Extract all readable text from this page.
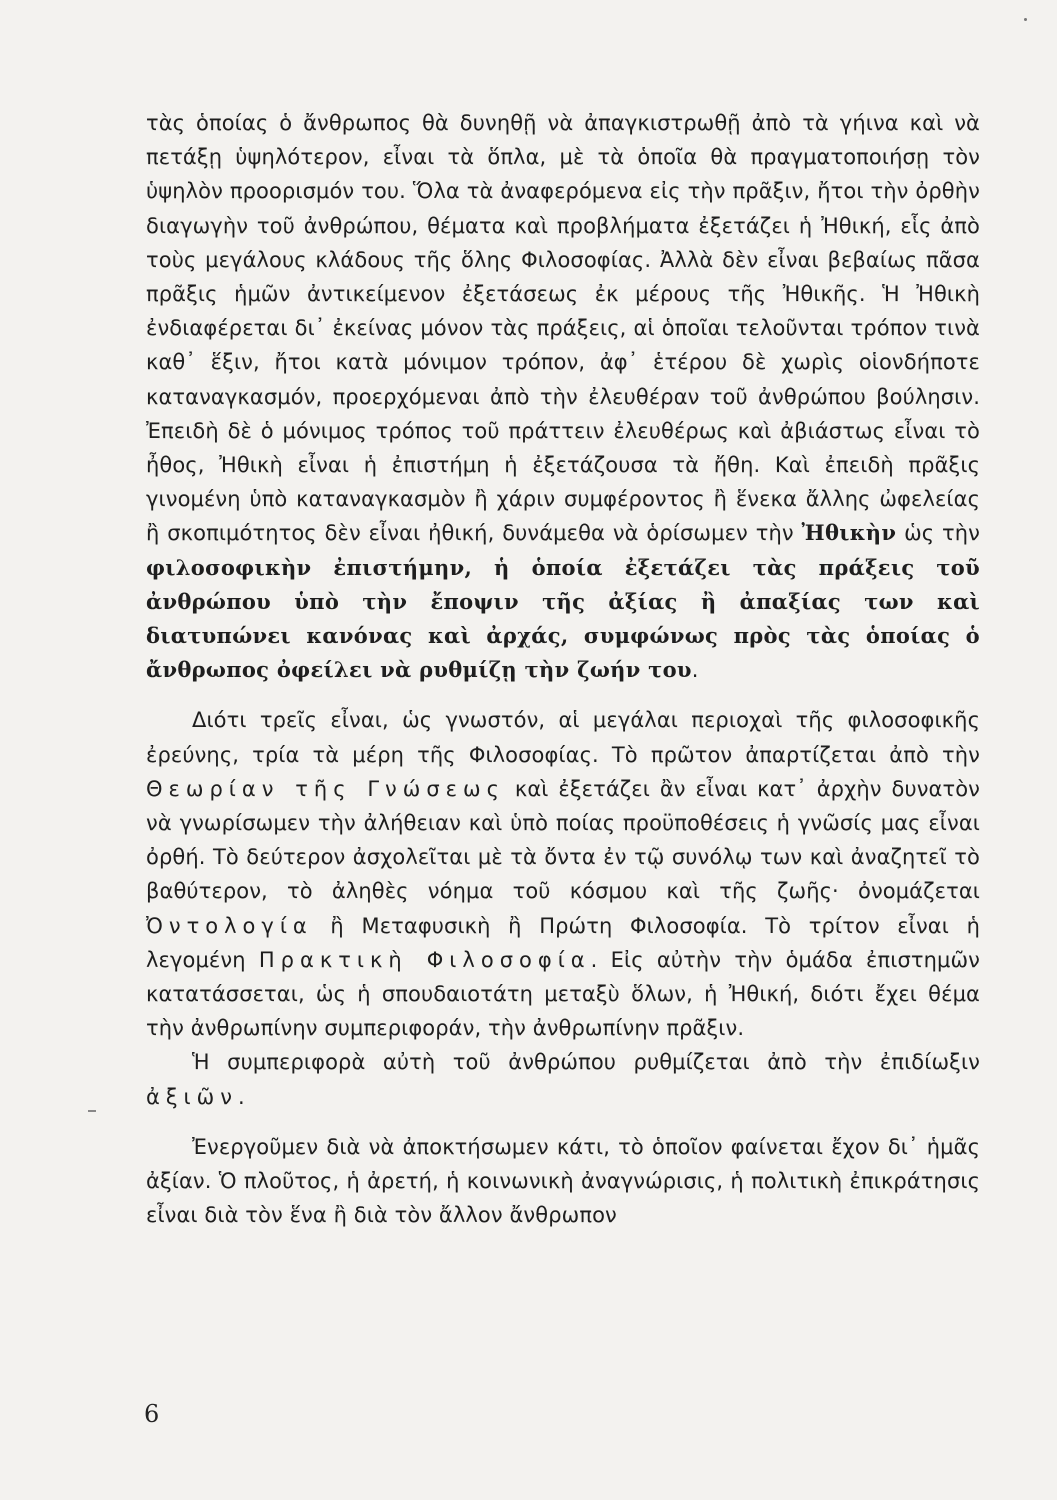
τὰς ὁποίας ὁ ἄνθρωπος θὰ δυνηθῇ νὰ ἀπαγκιστρωθῇ ἀπὸ τὰ γήινα καὶ νὰ πετάξῃ ὑψηλότερον, εἶναι τὰ ὅπλα, μὲ τὰ ὁποῖα θὰ πραγματοποιήσῃ τὸν ὑψηλὸν προορισμόν του. Ὅλα τὰ ἀναφερόμενα εἰς τὴν πρᾶξιν, ἤτοι τὴν ὀρθὴν διαγωγὴν τοῦ ἀνθρώπου, θέματα καὶ προβλήματα ἐξετάζει ἡ Ἠθική, εἷς ἀπὸ τοὺς μεγάλους κλάδους τῆς ὅλης Φιλοσοφίας. Ἀλλὰ δὲν εἶναι βεβαίως πᾶσα πρᾶξις ἡμῶν ἀντικείμενον ἐξετάσεως ἐκ μέρους τῆς Ἠθικῆς. Ἡ Ἠθικὴ ἐνδιαφέρεται δι᾽ ἐκείνας μόνον τὰς πράξεις, αἱ ὁποῖαι τελοῦνται τρόπον τινὰ καθ᾽ ἕξιν, ἤτοι κατὰ μόνιμον τρόπον, ἀφ᾽ ἑτέρου δὲ χωρὶς οἱονδήποτε καταναγκασμόν, προερχόμεναι ἀπὸ τὴν ἐλευθέραν τοῦ ἀνθρώπου βούλησιν. Ἐπειδὴ δὲ ὁ μόνιμος τρόπος τοῦ πράττειν ἐλευθέρως καὶ ἀβιάστως εἶναι τὸ ἦθος, Ἠθικὴ εἶναι ἡ ἐπιστήμη ἡ ἐξετάζουσα τὰ ἤθη. Καὶ ἐπειδὴ πρᾶξις γινομένη ὑπὸ καταναγκασμὸν ἢ χάριν συμφέροντος ἢ ἕνεκα ἄλλης ὠφελείας ἢ σκοπιμότητος δὲν εἶναι ἠθική, δυνάμεθα νὰ ὁρίσωμεν τὴν Ἠθικὴν ὡς τὴν φιλοσοφικὴν ἐπιστήμην, ἡ ὁποία ἐξετάζει τὰς πράξεις τοῦ ἀνθρώπου ὑπὸ τὴν ἔποψιν τῆς ἀξίας ἢ ἀπαξίας των καὶ διατυπώνει κανόνας καὶ ἀρχάς, συμφώνως πρὸς τὰς ὁποίας ὁ ἄνθρωπος ὀφείλει νὰ ρυθμίζῃ τὴν ζωήν του.

Διότι τρεῖς εἶναι, ὡς γνωστόν, αἱ μεγάλαι περιοχαὶ τῆς φιλοσοφικῆς ἐρεύνης, τρία τὰ μέρη τῆς Φιλοσοφίας. Τὸ πρῶτον ἀπαρτίζεται ἀπὸ τὴν Θεωρίαν τῆς Γνώσεως καὶ ἐξετάζει ἂν εἶναι κατ᾽ ἀρχὴν δυνατὸν νὰ γνωρίσωμεν τὴν ἀλήθειαν καὶ ὑπὸ ποίας προϋποθέσεις ἡ γνῶσίς μας εἶναι ὀρθή. Τὸ δεύτερον ἀσχολεῖται μὲ τὰ ὄντα ἐν τῷ συνόλῳ των καὶ ἀναζητεῖ τὸ βαθύτερον, τὸ ἀληθὲς νόημα τοῦ κόσμου καὶ τῆς ζωῆς· ὀνομάζεται Ὀντολογία ἢ Μεταφυσικὴ ἢ Πρώτη Φιλοσοφία. Τὸ τρίτον εἶναι ἡ λεγομένη Πρακτικὴ Φιλοσοφία. Εἰς αὐτὴν τὴν ὁμάδα ἐπιστημῶν κατατάσσεται, ὡς ἡ σπουδαιοτάτη μεταξὺ ὅλων, ἡ Ἠθική, διότι ἔχει θέμα τὴν ἀνθρωπίνην συμπεριφοράν, τὴν ἀνθρωπίνην πρᾶξιν.

Ἡ συμπεριφορὰ αὐτὴ τοῦ ἀνθρώπου ρυθμίζεται ἀπὸ τὴν ἐπιδίωξιν ἀξιῶν.

Ἐνεργοῦμεν διὰ νὰ ἀποκτήσωμεν κάτι, τὸ ὁποῖον φαίνεται ἔχον δι᾽ ἡμᾶς ἀξίαν. Ὁ πλοῦτος, ἡ ἀρετή, ἡ κοινωνικὴ ἀναγνώρισις, ἡ πολιτικὴ ἐπικράτησις εἶναι διὰ τὸν ἕνα ἢ διὰ τὸν ἄλλον ἄνθρωπον

6
